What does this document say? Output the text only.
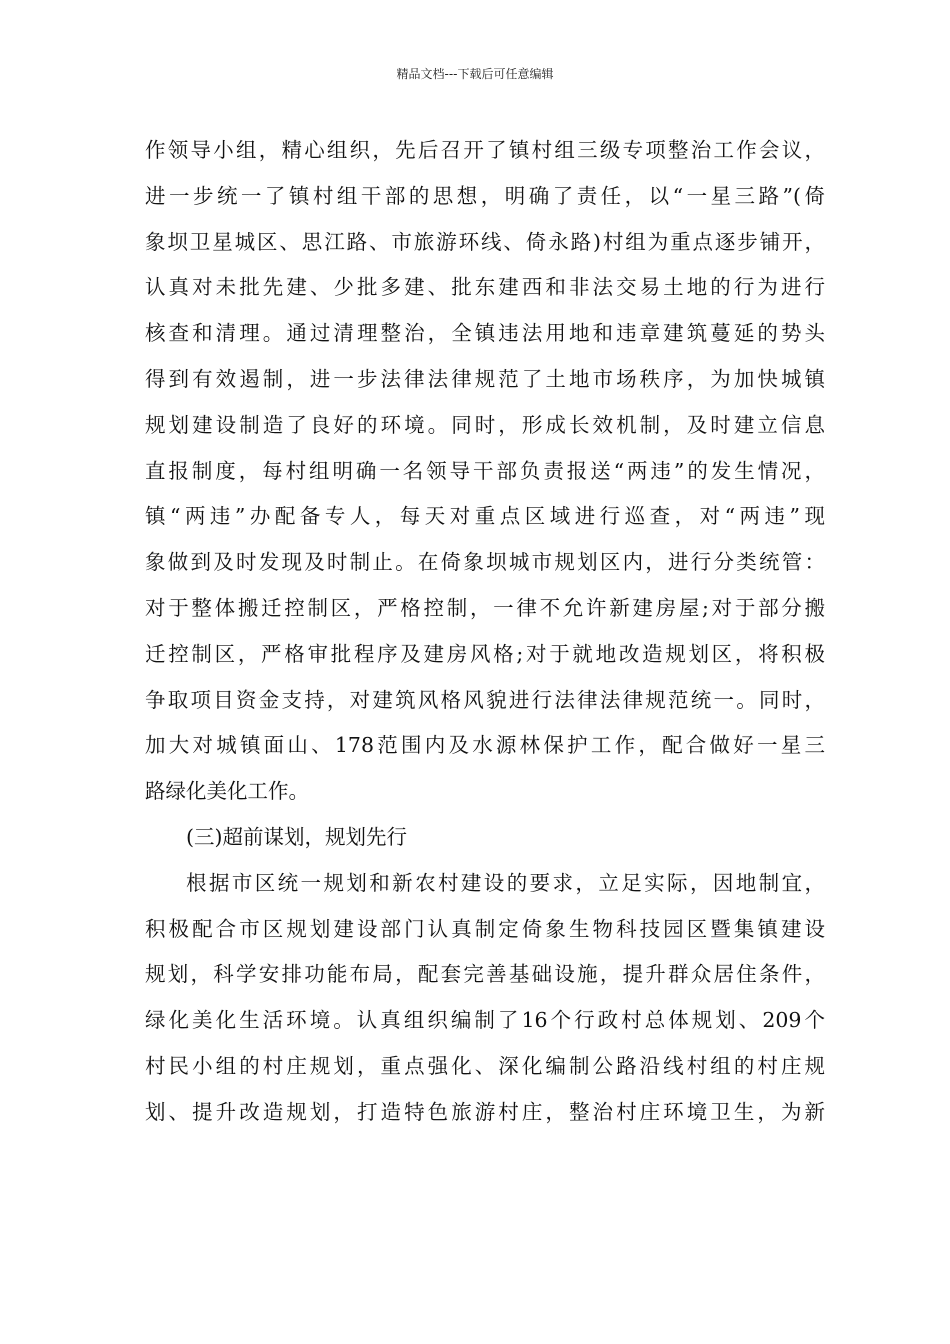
精品文档---下载后可任意编辑
作领导小组，精心组织，先后召开了镇村组三级专项整治工作会议，
进一步统一了镇村组干部的思想，明确了责任，以“一星三路”(倚
象坝卫星城区、思江路、市旅游环线、倚永路)村组为重点逐步铺开，
认真对未批先建、少批多建、批东建西和非法交易土地的行为进行
核查和清理。通过清理整治，全镇违法用地和违章建筑蔓延的势头
得到有效遏制，进一步法律法律规范了土地市场秩序，为加快城镇
规划建设制造了良好的环境。同时，形成长效机制，及时建立信息
直报制度，每村组明确一名领导干部负责报送“两违”的发生情况，
镇“两违”办配备专人，每天对重点区域进行巡查，对“两违”现
象做到及时发现及时制止。在倚象坝城市规划区内，进行分类统管：
对于整体搬迁控制区，严格控制，一律不允许新建房屋;对于部分搬
迁控制区，严格审批程序及建房风格;对于就地改造规划区，将积极
争取项目资金支持，对建筑风格风貌进行法律法律规范统一。同时，
加大对城镇面山、178范围内及水源林保护工作，配合做好一星三
路绿化美化工作。
(三)超前谋划，规划先行
根据市区统一规划和新农村建设的要求，立足实际，因地制宜，
积极配合市区规划建设部门认真制定倚象生物科技园区暨集镇建设
规划，科学安排功能布局，配套完善基础设施，提升群众居住条件，
绿化美化生活环境。认真组织编制了16个行政村总体规划、209个
村民小组的村庄规划，重点强化、深化编制公路沿线村组的村庄规
划、提升改造规划，打造特色旅游村庄，整治村庄环境卫生，为新
